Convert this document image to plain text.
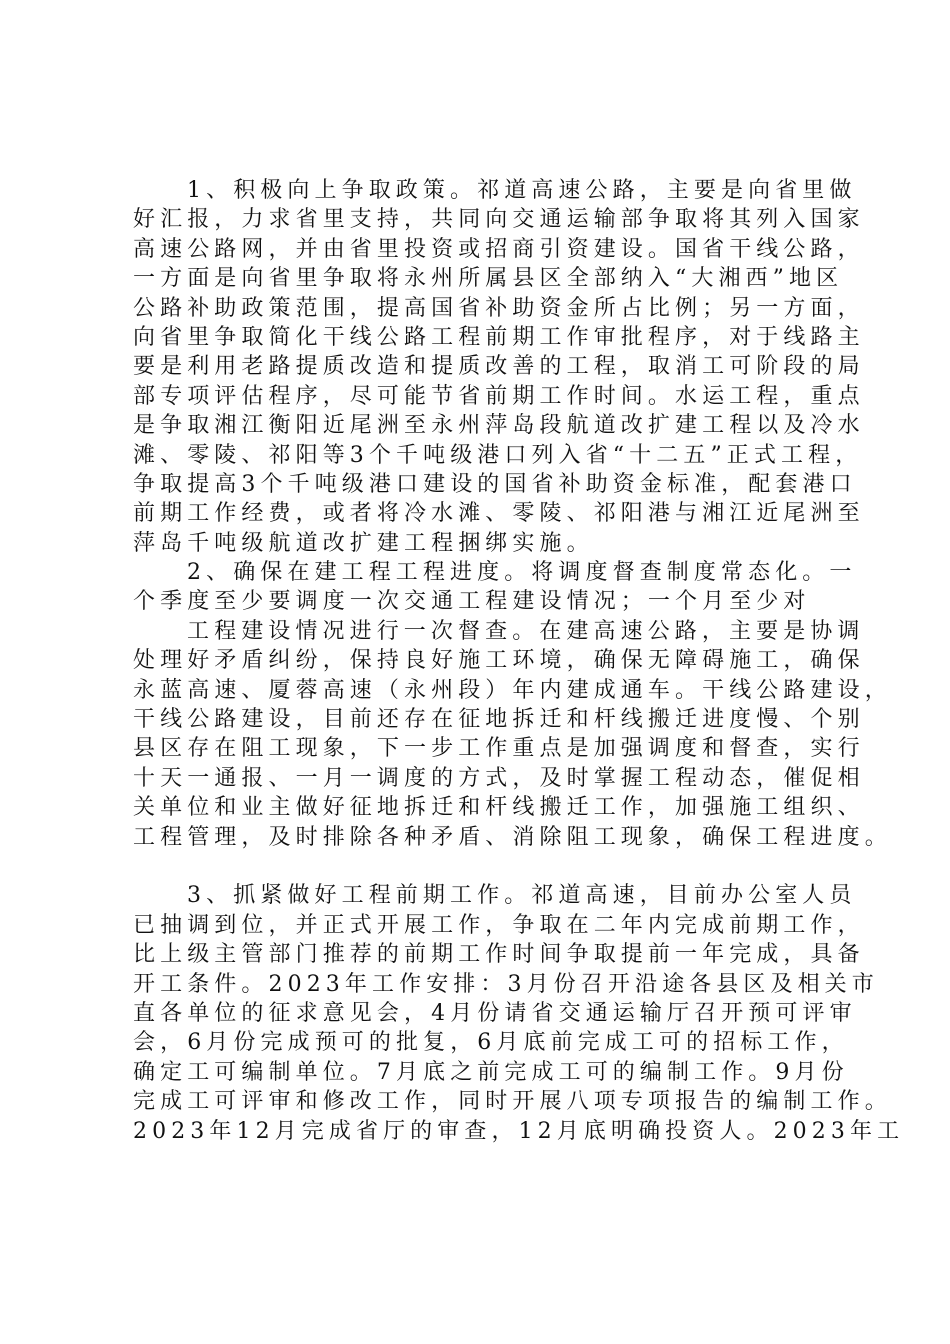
1、积极向上争取政策。祁道高速公路，主要是向省里做
好汇报，力求省里支持，共同向交通运输部争取将其列入国家
高速公路网，并由省里投资或招商引资建设。国省干线公路，
一方面是向省里争取将永州所属县区全部纳入“大湘西”地区
公路补助政策范围，提高国省补助资金所占比例；另一方面，
向省里争取简化干线公路工程前期工作审批程序，对于线路主
要是利用老路提质改造和提质改善的工程，取消工可阶段的局
部专项评估程序，尽可能节省前期工作时间。水运工程，重点
是争取湘江衡阳近尾洲至永州萍岛段航道改扩建工程以及冷水
滩、零陵、祁阳等3个千吨级港口列入省“十二五”正式工程，
争取提高3个千吨级港口建设的国省补助资金标准，配套港口
前期工作经费，或者将冷水滩、零陵、祁阳港与湘江近尾洲至
萍岛千吨级航道改扩建工程捆绑实施。
2、确保在建工程工程进度。将调度督查制度常态化。一
个季度至少要调度一次交通工程建设情况；一个月至少对
工程建设情况进行一次督查。在建高速公路，主要是协调
处理好矛盾纠纷，保持良好施工环境，确保无障碍施工，确保
永蓝高速、厦蓉高速（永州段）年内建成通车。干线公路建设，
干线公路建设，目前还存在征地拆迁和杆线搬迁进度慢、个别
县区存在阻工现象，下一步工作重点是加强调度和督查，实行
十天一通报、一月一调度的方式，及时掌握工程动态，催促相
关单位和业主做好征地拆迁和杆线搬迁工作，加强施工组织、
工程管理，及时排除各种矛盾、消除阻工现象，确保工程进度。
3、抓紧做好工程前期工作。祁道高速，目前办公室人员
已抽调到位，并正式开展工作，争取在二年内完成前期工作，
比上级主管部门推荐的前期工作时间争取提前一年完成，具备
开工条件。2023年工作安排：3月份召开沿途各县区及相关市
直各单位的征求意见会，4月份请省交通运输厅召开预可评审
会，6月份完成预可的批复，6月底前完成工可的招标工作，
确定工可编制单位。7月底之前完成工可的编制工作。9月份
完成工可评审和修改工作，同时开展八项专项报告的编制工作。
2023年12月完成省厅的审查，12月底明确投资人。2023年工
